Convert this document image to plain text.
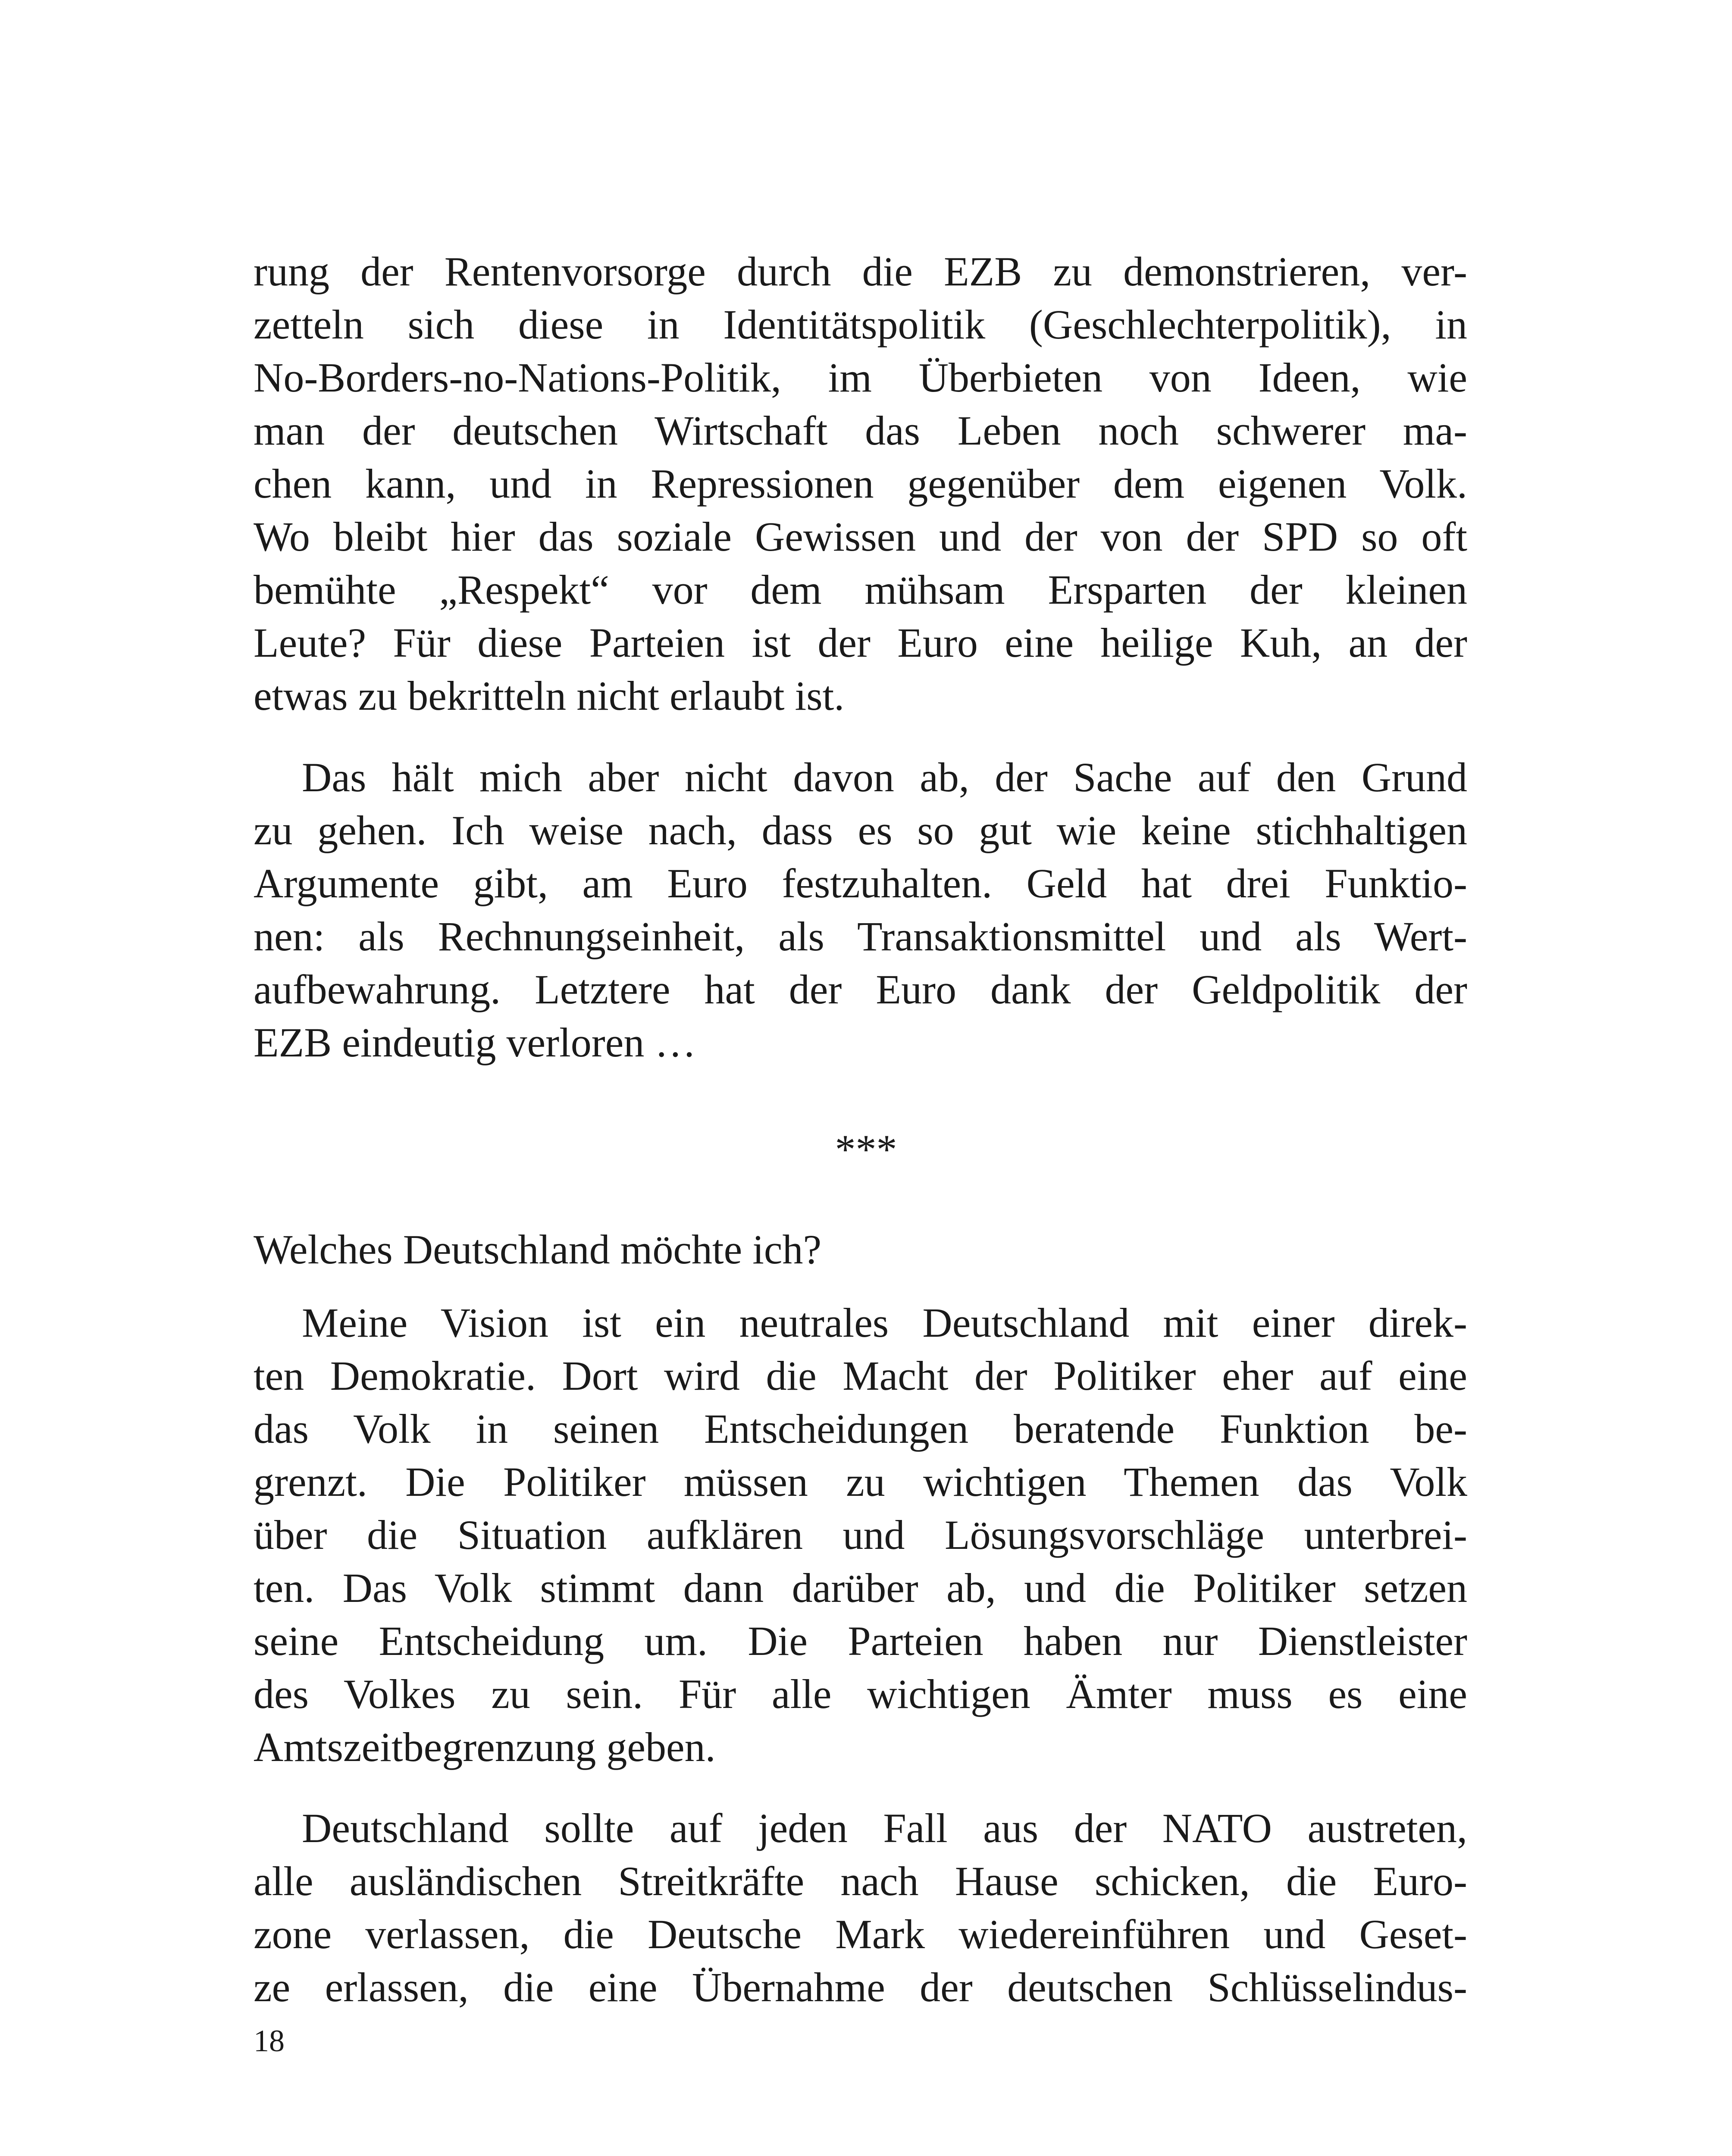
rung der Rentenvorsorge durch die EZB zu demonstrieren, ver-
zetteln sich diese in Identitätspolitik (Geschlechterpolitik), in
No-Borders-no-Nations-Politik, im Überbieten von Ideen, wie
man der deutschen Wirtschaft das Leben noch schwerer ma-
chen kann, und in Repressionen gegenüber dem eigenen Volk.
Wo bleibt hier das soziale Gewissen und der von der SPD so oft
bemühte „Respekt“ vor dem mühsam Ersparten der kleinen
Leute? Für diese Parteien ist der Euro eine heilige Kuh, an der
etwas zu bekritteln nicht erlaubt ist.

Das hält mich aber nicht davon ab, der Sache auf den Grund
zu gehen. Ich weise nach, dass es so gut wie keine stichhaltigen
Argumente gibt, am Euro festzuhalten. Geld hat drei Funktio-
nen: als Rechnungseinheit, als Transaktionsmittel und als Wert-
aufbewahrung. Letztere hat der Euro dank der Geldpolitik der
EZB eindeutig verloren …

***
Welches Deutschland möchte ich?

Meine Vision ist ein neutrales Deutschland mit einer direk-
ten Demokratie. Dort wird die Macht der Politiker eher auf eine
das Volk in seinen Entscheidungen beratende Funktion be-
grenzt. Die Politiker müssen zu wichtigen Themen das Volk
über die Situation aufklären und Lösungsvorschläge unterbrei-
ten. Das Volk stimmt dann darüber ab, und die Politiker setzen
seine Entscheidung um. Die Parteien haben nur Dienstleister
des Volkes zu sein. Für alle wichtigen Ämter muss es eine
Amtszeitbegrenzung geben.

Deutschland sollte auf jeden Fall aus der NATO austreten,
alle ausländischen Streitkräfte nach Hause schicken, die Euro-
zone verlassen, die Deutsche Mark wiedereinführen und Geset-
ze erlassen, die eine Übernahme der deutschen Schlüsselindus-

18
